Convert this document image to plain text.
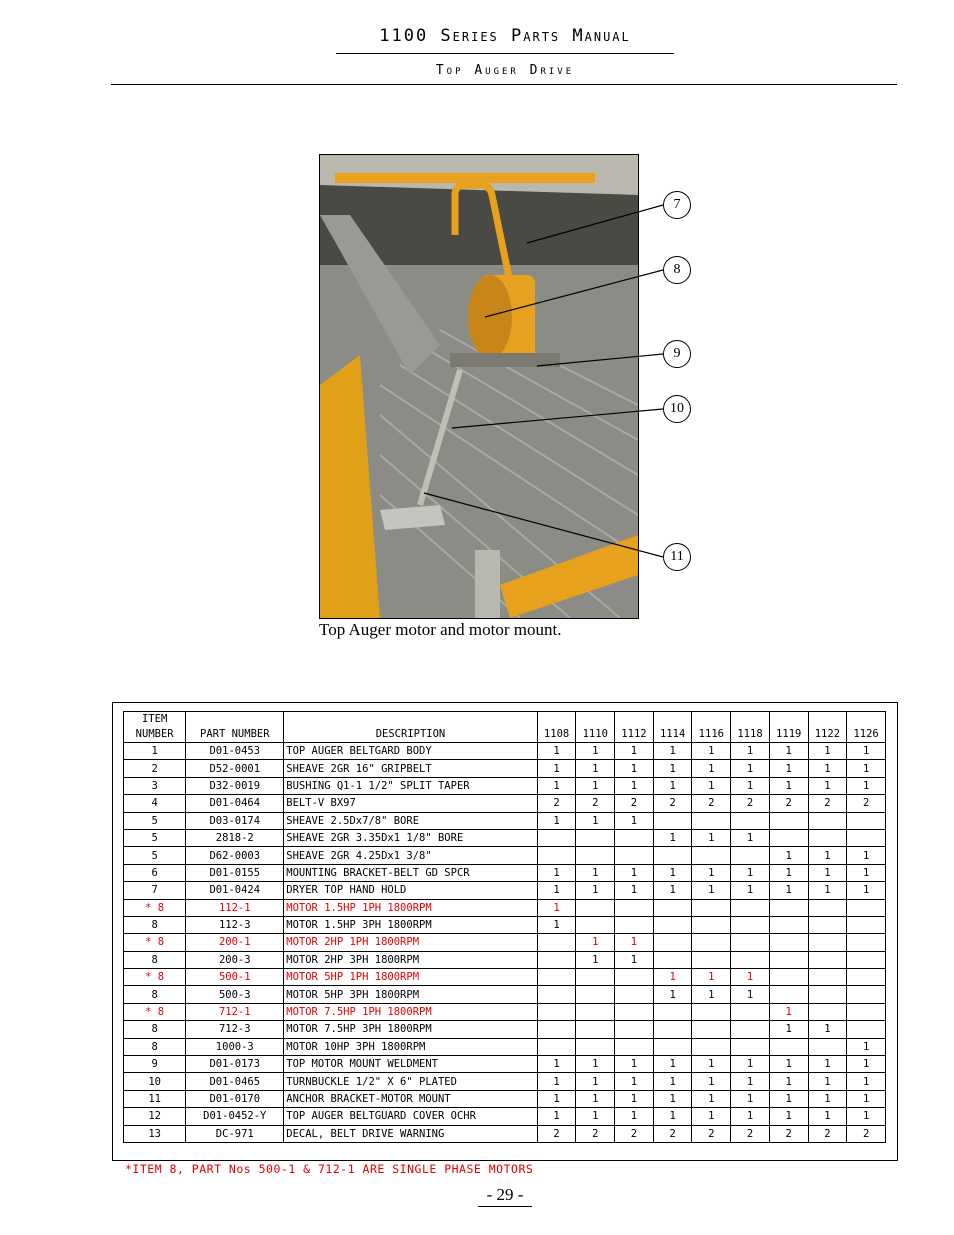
1100 Series Parts Manual
Top Auger Drive
7
8
9
10
11
Top Auger motor and motor mount.
ITEM NUMBER	PART NUMBER	DESCRIPTION	1108	1110	1112	1114	1116	1118	1119	1122	1126
1	D01-0453	TOP AUGER BELTGARD BODY	1	1	1	1	1	1	1	1	1
2	D52-0001	SHEAVE 2GR 16" GRIPBELT	1	1	1	1	1	1	1	1	1
3	D32-0019	BUSHING Q1-1 1/2" SPLIT TAPER	1	1	1	1	1	1	1	1	1
4	D01-0464	BELT-V BX97	2	2	2	2	2	2	2	2	2
5	D03-0174	SHEAVE 2.5Dx7/8" BORE	1	1	1						
5	2818-2	SHEAVE 2GR 3.35Dx1 1/8" BORE				1	1	1			
5	D62-0003	SHEAVE 2GR 4.25Dx1 3/8"							1	1	1
6	D01-0155	MOUNTING BRACKET-BELT GD SPCR	1	1	1	1	1	1	1	1	1
7	D01-0424	DRYER TOP HAND HOLD	1	1	1	1	1	1	1	1	1
* 8	112-1	MOTOR 1.5HP 1PH 1800RPM	1								
8	112-3	MOTOR 1.5HP 3PH 1800RPM	1								
* 8	200-1	MOTOR 2HP 1PH 1800RPM		1	1						
8	200-3	MOTOR 2HP 3PH 1800RPM		1	1						
* 8	500-1	MOTOR 5HP 1PH 1800RPM				1	1	1			
8	500-3	MOTOR 5HP 3PH 1800RPM				1	1	1			
* 8	712-1	MOTOR 7.5HP 1PH 1800RPM							1		
8	712-3	MOTOR 7.5HP 3PH 1800RPM							1	1	
8	1000-3	MOTOR 10HP 3PH 1800RPM									1
9	D01-0173	TOP MOTOR MOUNT WELDMENT	1	1	1	1	1	1	1	1	1
10	D01-0465	TURNBUCKLE 1/2" X 6" PLATED	1	1	1	1	1	1	1	1	1
11	D01-0170	ANCHOR BRACKET-MOTOR MOUNT	1	1	1	1	1	1	1	1	1
12	D01-0452-Y	TOP AUGER BELTGUARD COVER OCHR	1	1	1	1	1	1	1	1	1
13	DC-971	DECAL, BELT DRIVE WARNING	2	2	2	2	2	2	2	2	2
*ITEM 8, PART Nos 500-1 & 712-1 ARE SINGLE PHASE MOTORS
- 29 -
